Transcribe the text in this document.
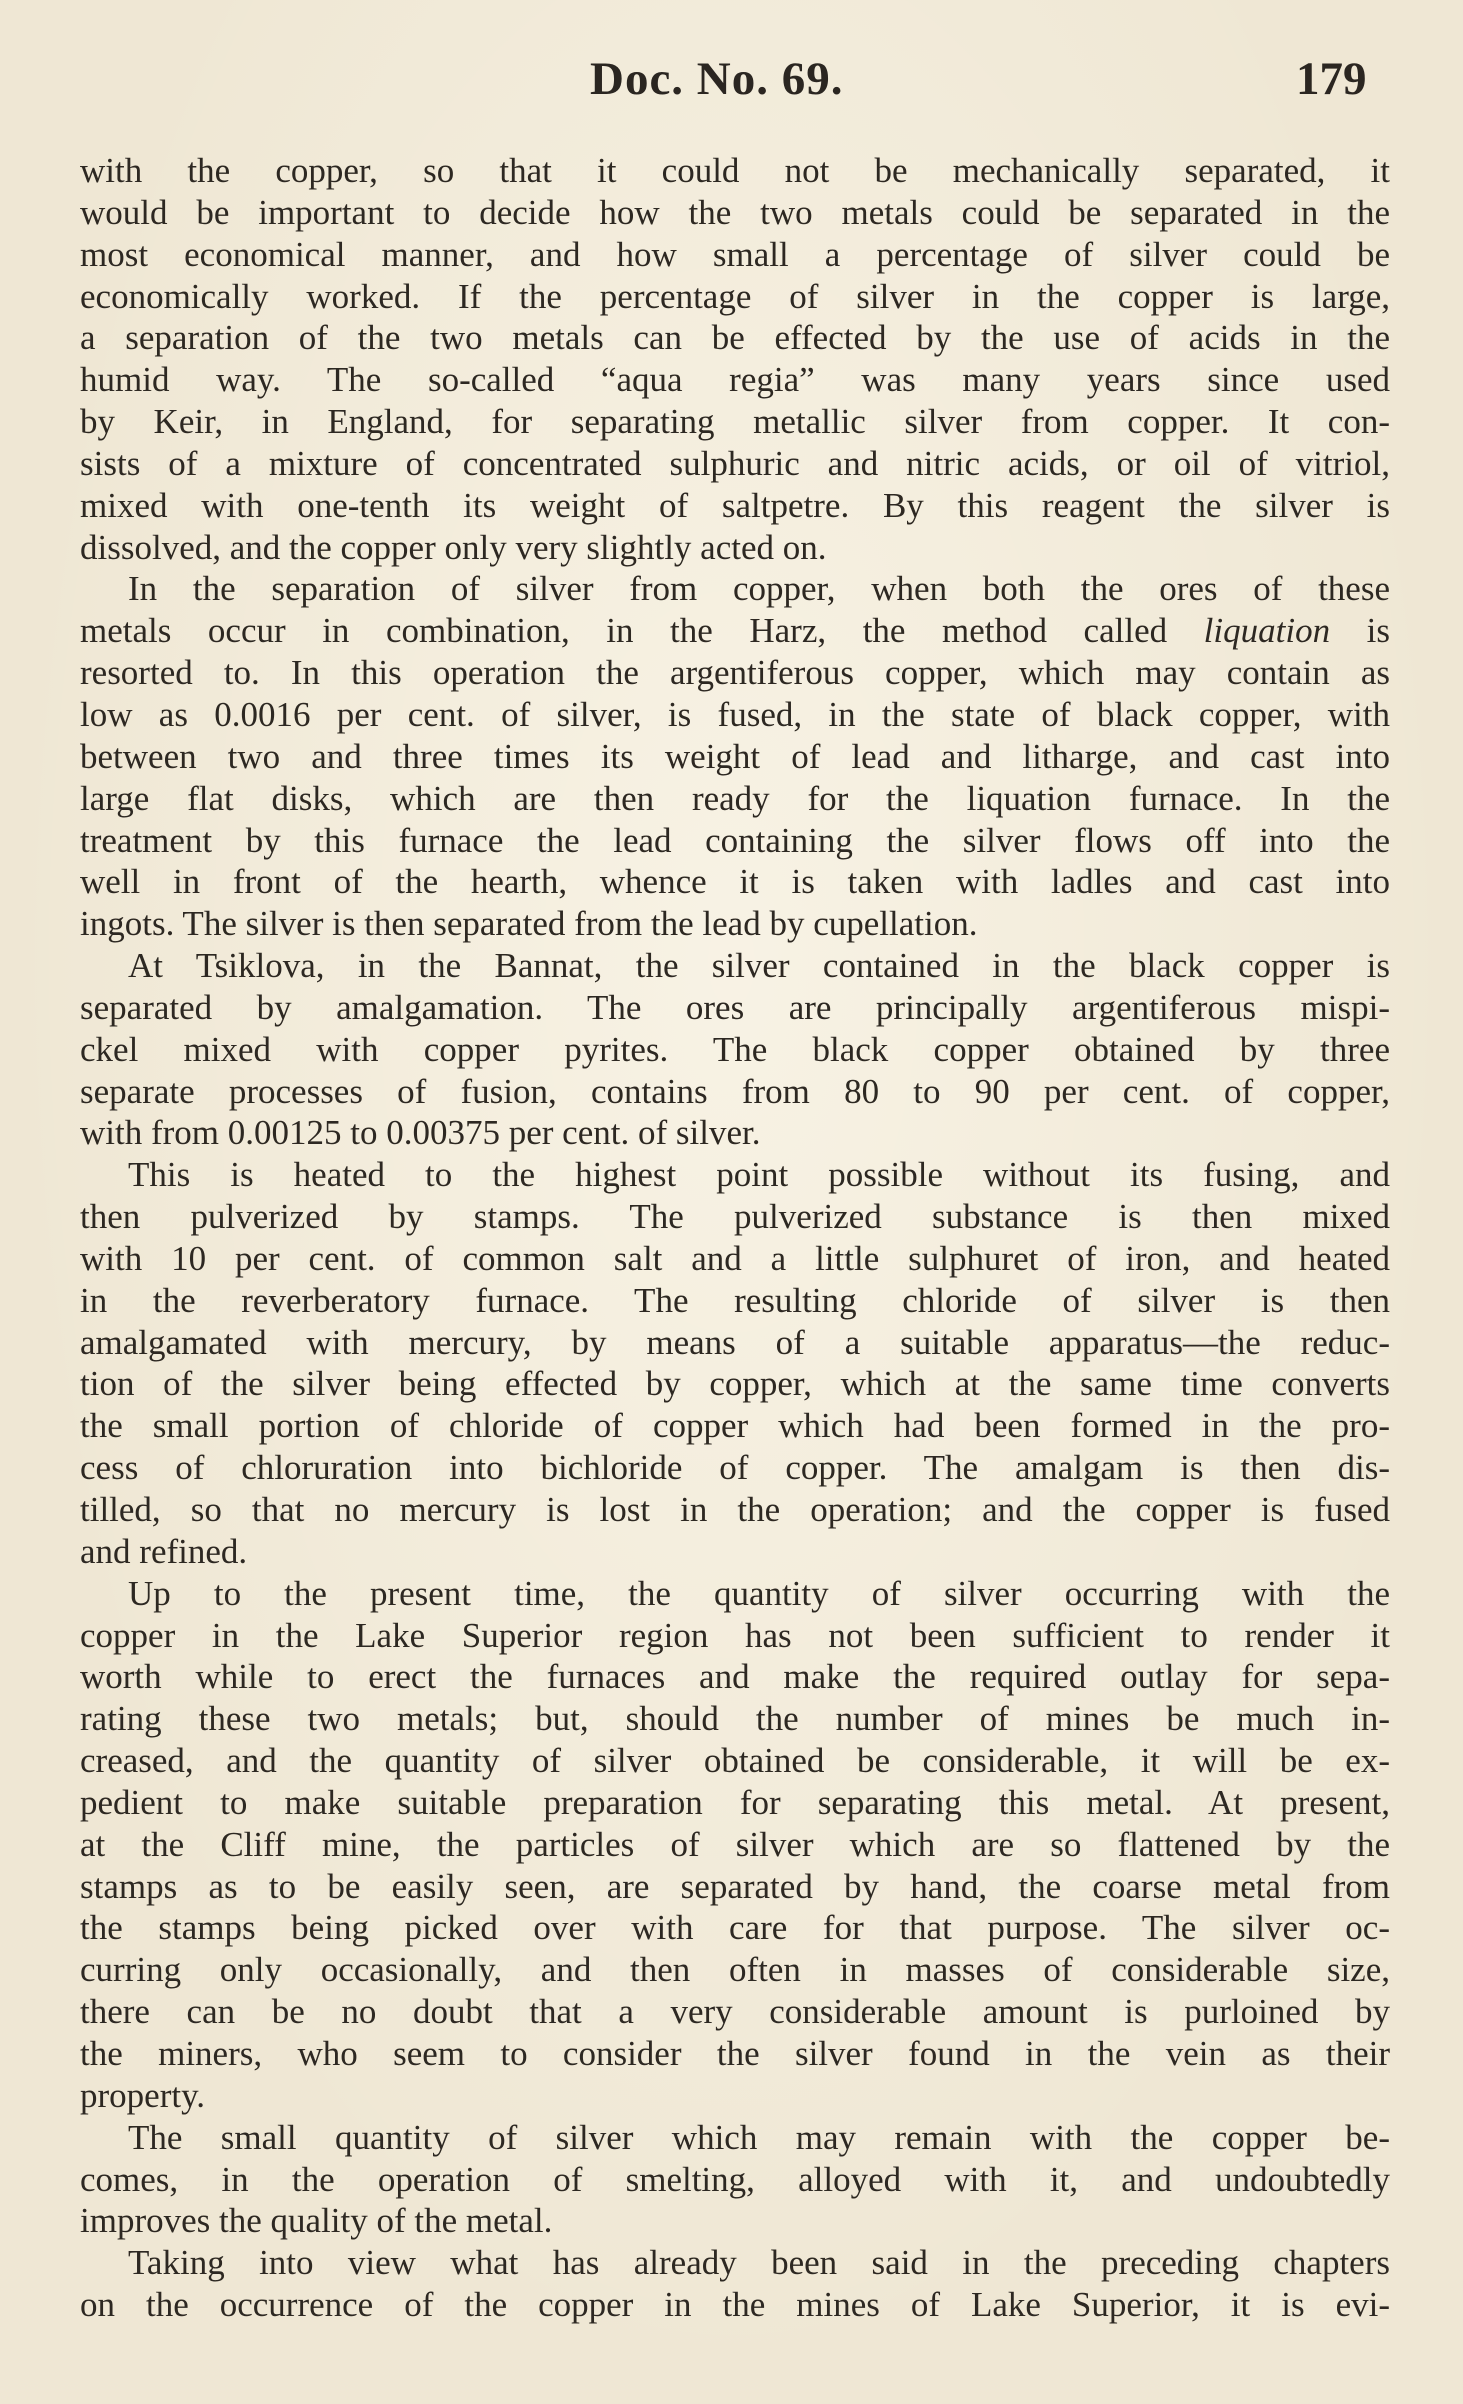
Doc. No. 69.	179
with the copper, so that it could not be mechanically separated, it
would be important to decide how the two metals could be separated in the
most economical manner, and how small a percentage of silver could be
economically worked. If the percentage of silver in the copper is large,
a separation of the two metals can be effected by the use of acids in the
humid way. The so-called “aqua regia” was many years since used
by Keir, in England, for separating metallic silver from copper. It con-
sists of a mixture of concentrated sulphuric and nitric acids, or oil of vitriol,
mixed with one-tenth its weight of saltpetre. By this reagent the silver is
dissolved, and the copper only very slightly acted on.
In the separation of silver from copper, when both the ores of these
metals occur in combination, in the Harz, the method called liquation is
resorted to. In this operation the argentiferous copper, which may contain as
low as 0.0016 per cent. of silver, is fused, in the state of black copper, with
between two and three times its weight of lead and litharge, and cast into
large flat disks, which are then ready for the liquation furnace. In the
treatment by this furnace the lead containing the silver flows off into the
well in front of the hearth, whence it is taken with ladles and cast into
ingots. The silver is then separated from the lead by cupellation.
At Tsiklova, in the Bannat, the silver contained in the black copper is
separated by amalgamation. The ores are principally argentiferous mispi-
ckel mixed with copper pyrites. The black copper obtained by three
separate processes of fusion, contains from 80 to 90 per cent. of copper,
with from 0.00125 to 0.00375 per cent. of silver.
This is heated to the highest point possible without its fusing, and
then pulverized by stamps. The pulverized substance is then mixed
with 10 per cent. of common salt and a little sulphuret of iron, and heated
in the reverberatory furnace. The resulting chloride of silver is then
amalgamated with mercury, by means of a suitable apparatus—the reduc-
tion of the silver being effected by copper, which at the same time converts
the small portion of chloride of copper which had been formed in the pro-
cess of chloruration into bichloride of copper. The amalgam is then dis-
tilled, so that no mercury is lost in the operation; and the copper is fused
and refined.
Up to the present time, the quantity of silver occurring with the
copper in the Lake Superior region has not been sufficient to render it
worth while to erect the furnaces and make the required outlay for sepa-
rating these two metals; but, should the number of mines be much in-
creased, and the quantity of silver obtained be considerable, it will be ex-
pedient to make suitable preparation for separating this metal. At present,
at the Cliff mine, the particles of silver which are so flattened by the
stamps as to be easily seen, are separated by hand, the coarse metal from
the stamps being picked over with care for that purpose. The silver oc-
curring only occasionally, and then often in masses of considerable size,
there can be no doubt that a very considerable amount is purloined by
the miners, who seem to consider the silver found in the vein as their
property.
The small quantity of silver which may remain with the copper be-
comes, in the operation of smelting, alloyed with it, and undoubtedly
improves the quality of the metal.
Taking into view what has already been said in the preceding chapters
on the occurrence of the copper in the mines of Lake Superior, it is evi-
